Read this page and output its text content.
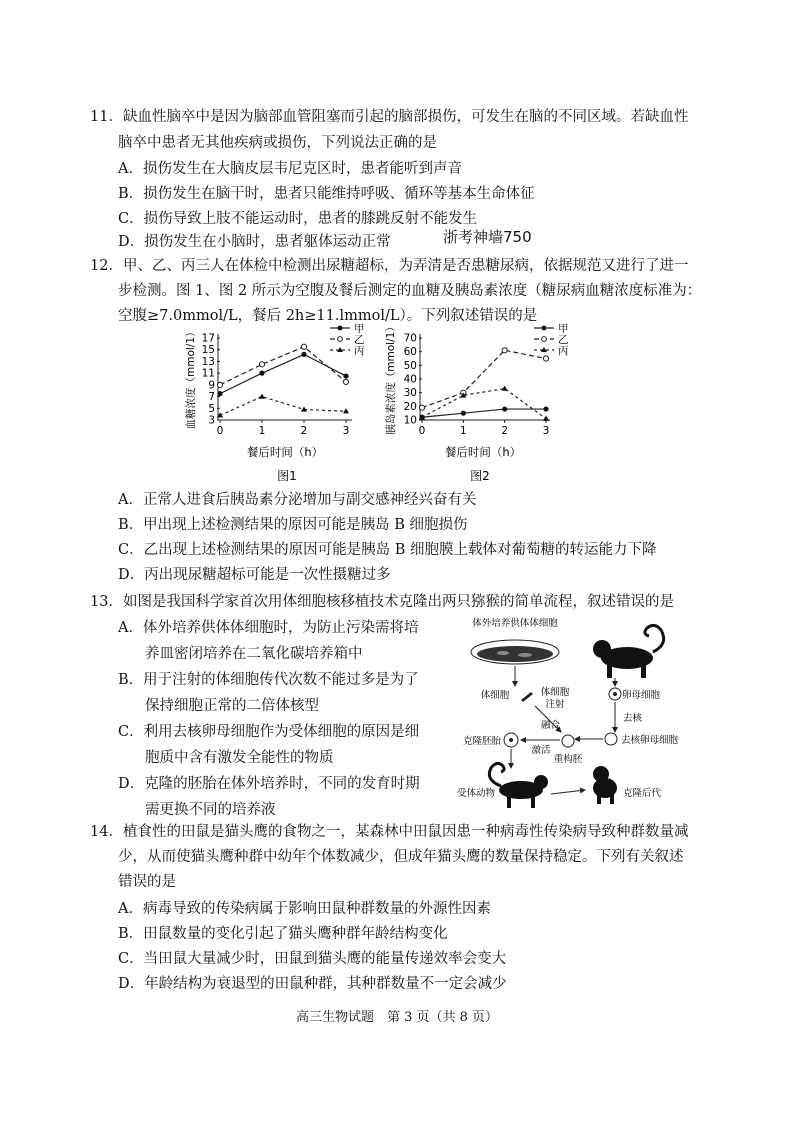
11．缺血性脑卒中是因为脑部血管阻塞而引起的脑部损伤，可发生在脑的不同区域。若缺血性
脑卒中患者无其他疾病或损伤，下列说法正确的是
A．损伤发生在大脑皮层韦尼克区时，患者能听到声音
B．损伤发生在脑干时，患者只能维持呼吸、循环等基本生命体征
C．损伤导致上肢不能运动时，患者的膝跳反射不能发生
D．损伤发生在小脑时，患者躯体运动正常	浙考神墙750
12．甲、乙、丙三人在体检中检测出尿糖超标，为弄清是否患糖尿病，依据规范又进行了进一
步检测。图 1、图 2 所示为空腹及餐后测定的血糖及胰岛素浓度（糖尿病血糖浓度标准为：
空腹≥7.0mmol/L，餐后 2h≥11.lmmol/L）。下列叙述错误的是
3
5
7
9
11
13
15
17
0	1	2	3
甲
乙
丙
血糖浓度（mmol/1）
餐后时间（h）
图1
10
20
30
40
50
60
70
0	1	2	3
甲
乙
丙
胰岛素浓度（mmol/1）
餐后时间（h）
图2
A．正常人进食后胰岛素分泌增加与副交感神经兴奋有关
B．甲出现上述检测结果的原因可能是胰岛 B 细胞损伤
C．乙出现上述检测结果的原因可能是胰岛 B 细胞膜上载体对葡萄糖的转运能力下降
D．丙出现尿糖超标可能是一次性摄糖过多
13．如图是我国科学家首次用体细胞核移植技术克隆出两只猕猴的简单流程，叙述错误的是
A．体外培养供体体细胞时，为防止污染需将培
养皿密闭培养在二氧化碳培养箱中
B．用于注射的体细胞传代次数不能过多是为了
保持细胞正常的二倍体核型
C．利用去核卵母细胞作为受体细胞的原因是细
胞质中含有激发全能性的物质
D．克隆的胚胎在体外培养时，不同的发育时期
需更换不同的培养液
体外培养供体体细胞
体细胞	体细胞
注射
卵母细胞
去核
去核卵母细胞
融合
重构胚
激活
克隆胚胎
受体动物	克隆后代
14．植食性的田鼠是猫头鹰的食物之一，某森林中田鼠因患一种病毒性传染病导致种群数量减
少，从而使猫头鹰种群中幼年个体数减少，但成年猫头鹰的数量保持稳定。下列有关叙述
错误的是
A．病毒导致的传染病属于影响田鼠种群数量的外源性因素
B．田鼠数量的变化引起了猫头鹰种群年龄结构变化
C．当田鼠大量减少时，田鼠到猫头鹰的能量传递效率会变大
D．年龄结构为衰退型的田鼠种群，其种群数量不一定会减少
高三生物试题　第 3 页（共 8 页）
